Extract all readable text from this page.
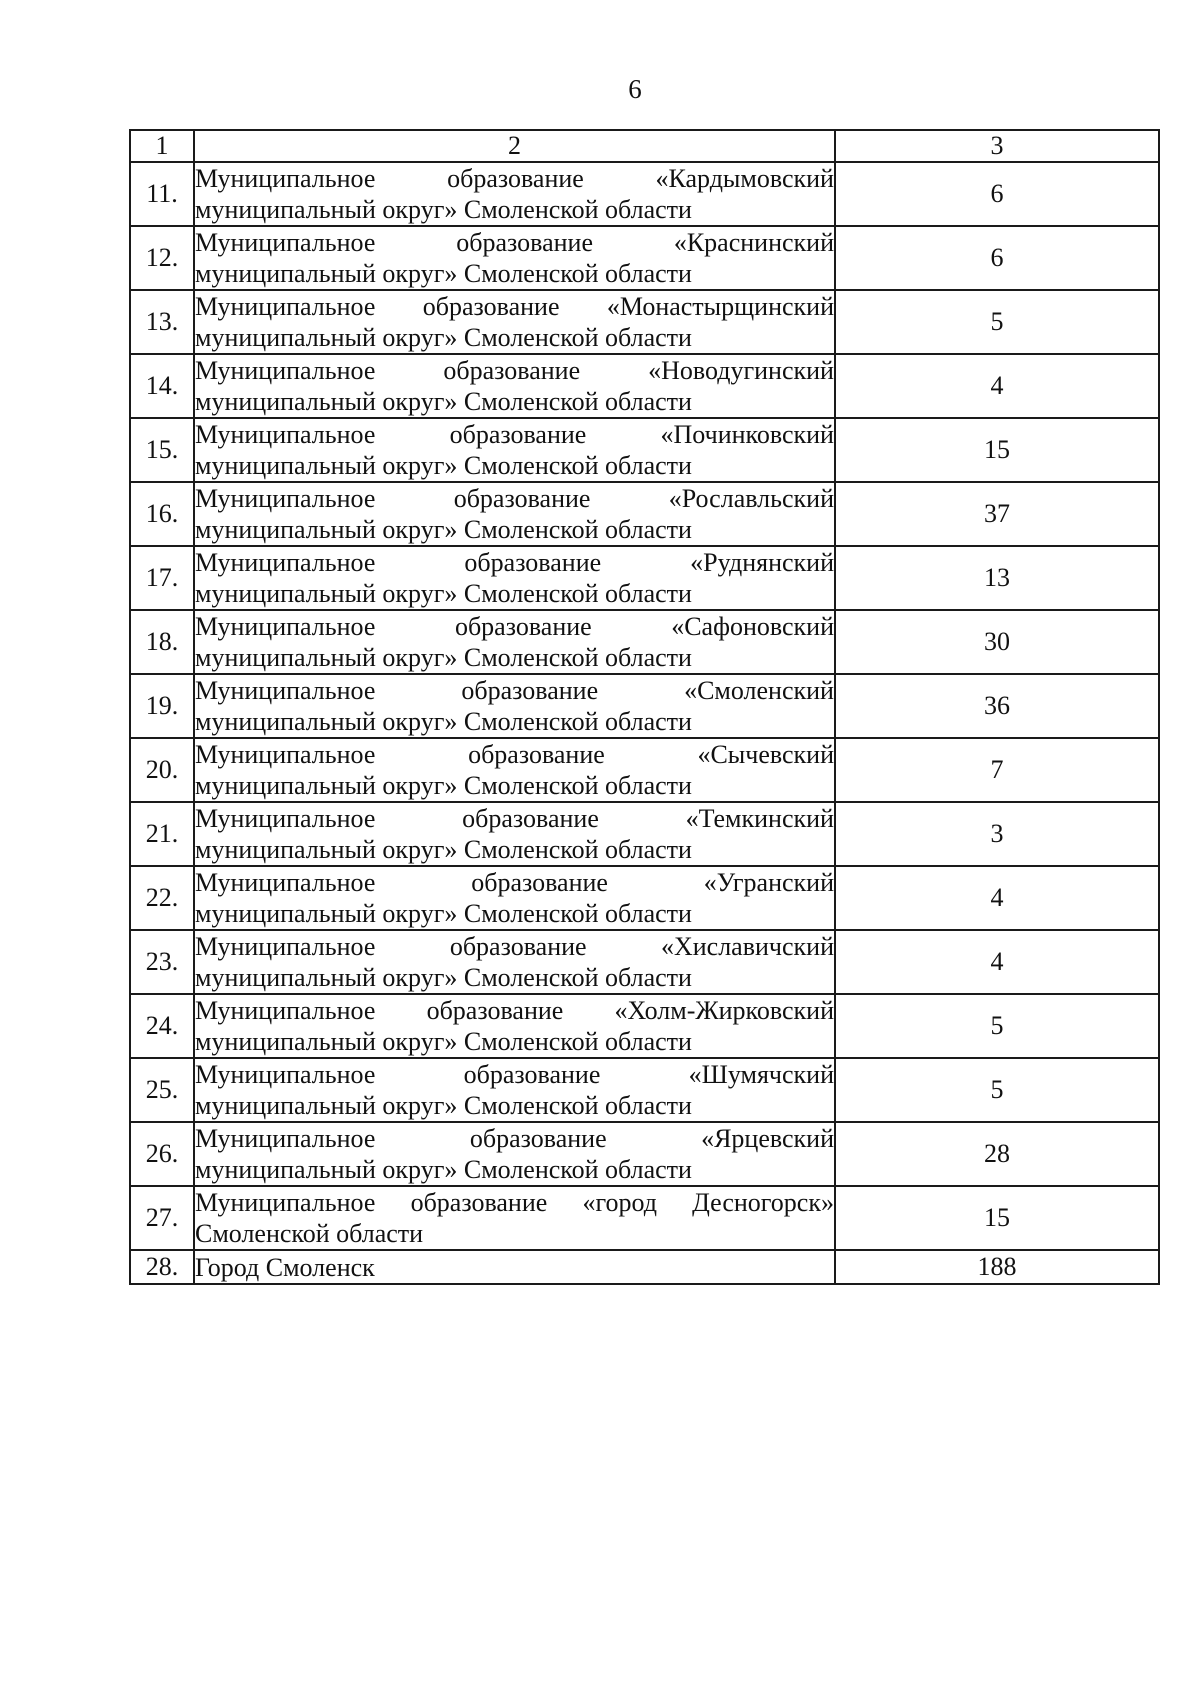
6
1	2	3
11.	Муниципальное образование «Кардымовский
муниципальный округ» Смоленской области	6
12.	Муниципальное образование «Краснинский
муниципальный округ» Смоленской области	6
13.	Муниципальное образование «Монастырщинский
муниципальный округ» Смоленской области	5
14.	Муниципальное образование «Новодугинский
муниципальный округ» Смоленской области	4
15.	Муниципальное образование «Починковский
муниципальный округ» Смоленской области	15
16.	Муниципальное образование «Рославльский
муниципальный округ» Смоленской области	37
17.	Муниципальное образование «Руднянский
муниципальный округ» Смоленской области	13
18.	Муниципальное образование «Сафоновский
муниципальный округ» Смоленской области	30
19.	Муниципальное образование «Смоленский
муниципальный округ» Смоленской области	36
20.	Муниципальное образование «Сычевский
муниципальный округ» Смоленской области	7
21.	Муниципальное образование «Темкинский
муниципальный округ» Смоленской области	3
22.	Муниципальное образование «Угранский
муниципальный округ» Смоленской области	4
23.	Муниципальное образование «Хиславичский
муниципальный округ» Смоленской области	4
24.	Муниципальное образование «Холм-Жирковский
муниципальный округ» Смоленской области	5
25.	Муниципальное образование «Шумячский
муниципальный округ» Смоленской области	5
26.	Муниципальное образование «Ярцевский
муниципальный округ» Смоленской области	28
27.	Муниципальное образование «город Десногорск»
Смоленской области	15
28.	Город Смоленск	188
